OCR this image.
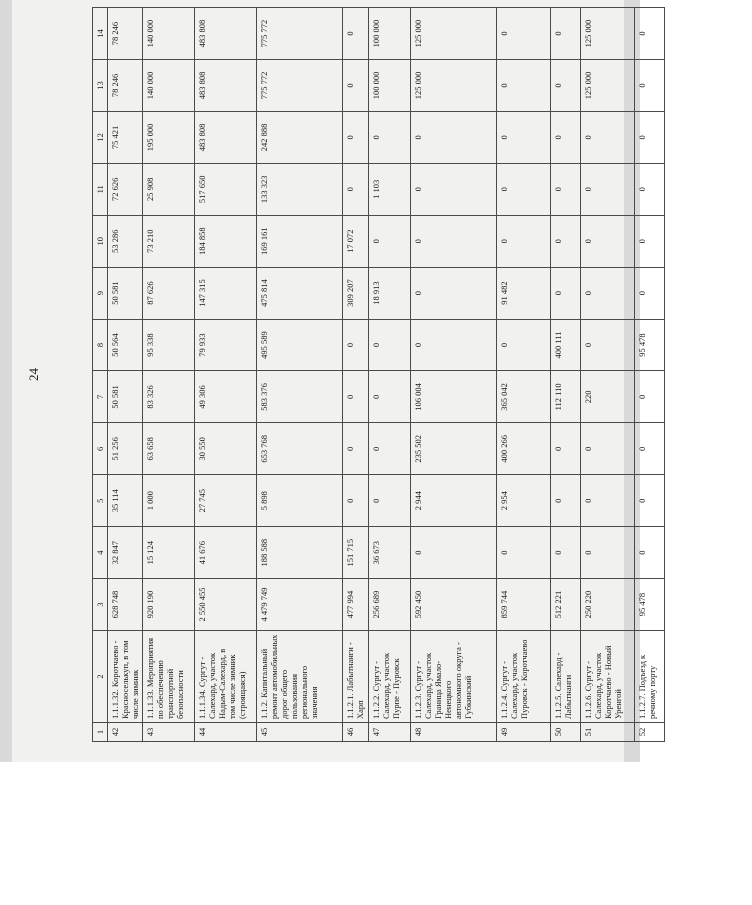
24
1	2	3	4	5	6	7	8	9	10	11	12	13	14
42	1.1.1.32. Коротчаево - Красноселькуп, в том числе зимник	628 748	32 847	35 114	51 256	50 581	50 564	50 581	53 286	72 626	75 421	78 246	78 246
43	1.1.1.33. Мероприятия по обеспечению транспортной безопасности	920 190	15 124	1 000	63 658	83 326	95 338	87 626	73 210	25 908	195 000	140 000	140 000
44	1.1.1.34. Сургут - Салехард, участок Надым-Салехард, в том числе зимник (строящаяся)	2 550 455	41 676	27 745	30 550	49 306	79 933	147 315	184 858	517 650	483 808	483 808	483 808
45	1.1.2. Капитальный ремонт автомобильных дорог общего пользования регионального значения	4 479 749	188 588	5 898	653 768	583 376	495 589	475 814	169 161	133 323	242 888	775 772	775 772
46	1.1.2.1. Лабытнанги - Харп	477 994	151 715	0	0	0	0	309 207	17 072	0	0	0	0
47	1.1.2.2. Сургут - Салехард, участок Пурпе - Пуровск	256 689	36 673	0	0	0	0	18 913	0	1 103	0	100 000	100 000
48	1.1.2.3. Сургут - Салехард, участок Граница Ямало-Ненецкого автономного округа - Губкинский	592 450	0	2 944	235 502	106 004	0	0	0	0	0	125 000	125 000
49	1.1.2.4. Сургут - Салехард, участок Пуровск - Коротчаево	859 744	0	2 954	400 266	365 042	0	91 482	0	0	0	0	0
50	1.1.2.5. Салехард - Лабытнанги	512 221	0	0	0	112 110	400 111	0	0	0	0	0	0
51	1.1.2.6. Сургут - Салехард, участок Коротчаево - Новый Уренгой	250 220	0	0	0	220	0	0	0	0	0	125 000	125 000
52	1.1.2.7. Подъезд к речному порту	95 478	0	0	0	0	95 478	0	0	0	0	0	0
